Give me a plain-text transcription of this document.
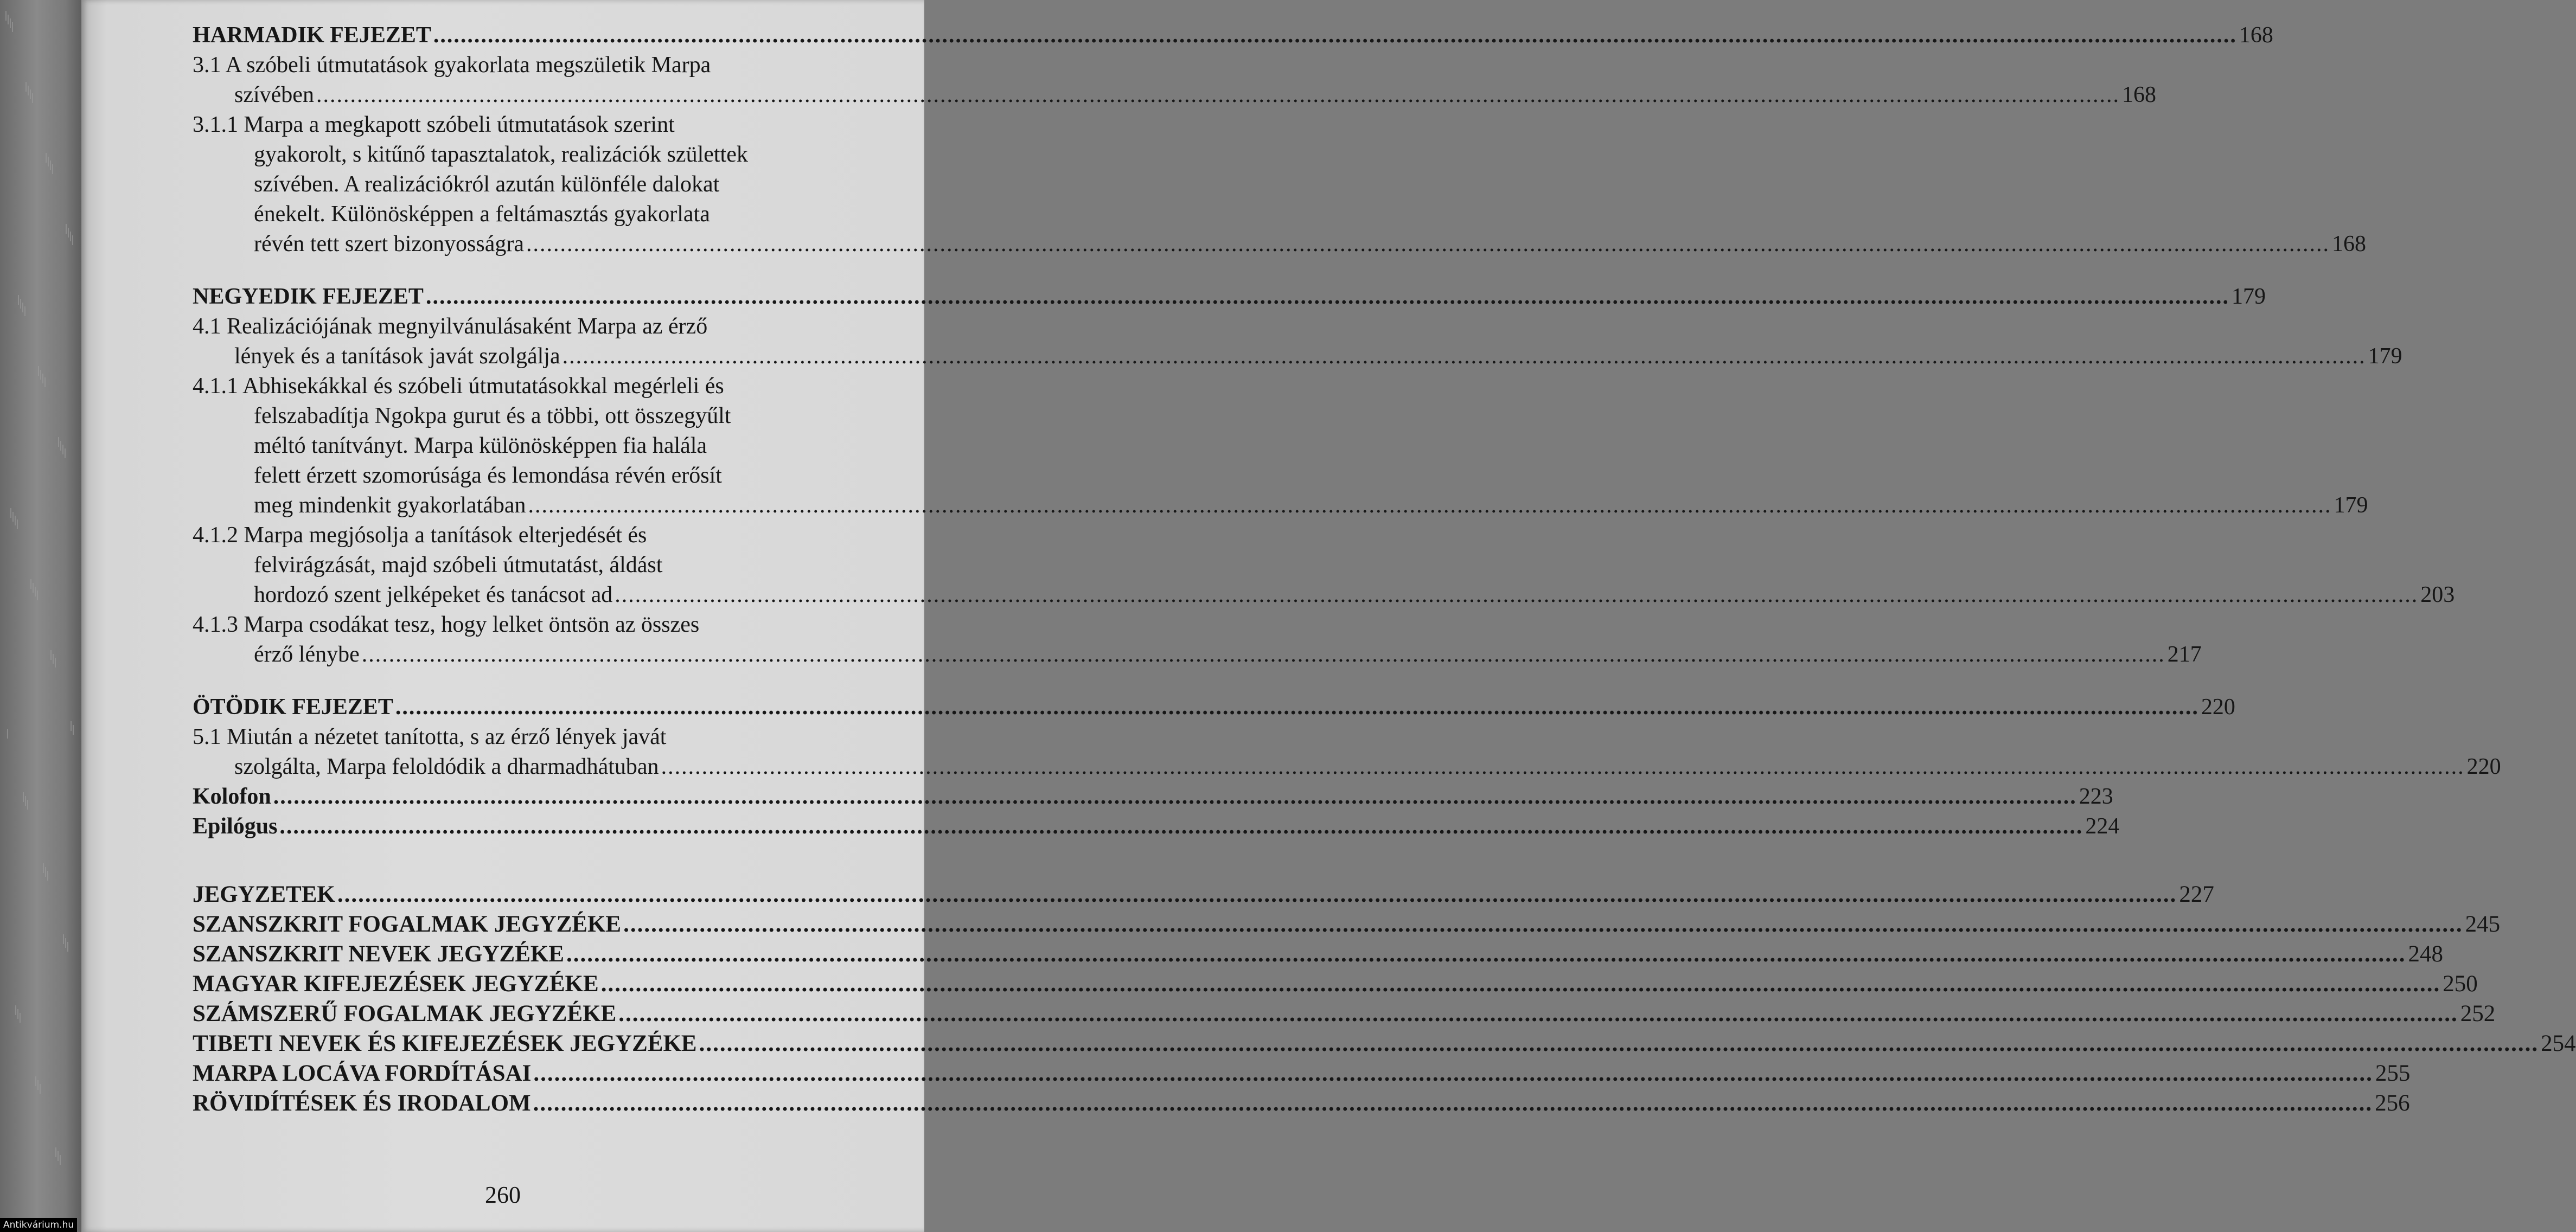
HARMADIK FEJEZET .....	168
3.1 A szóbeli útmutatások gyakorlata megszületik Marpa
szívében .....	168
3.1.1 Marpa a megkapott szóbeli útmutatások szerint
gyakorolt, s kitűnő tapasztalatok, realizációk születtek
szívében. A realizációkról azután különféle dalokat
énekelt. Különösképpen a feltámasztás gyakorlata
révén tett szert bizonyosságra .....	168
NEGYEDIK FEJEZET .....	179
4.1 Realizációjának megnyilvánulásaként Marpa az érző
lények és a tanítások javát szolgálja .....	179
4.1.1 Abhisekákkal és szóbeli útmutatásokkal megérleli és
felszabadítja Ngokpa gurut és a többi, ott összegyűlt
méltó tanítványt. Marpa különösképpen fia halála
felett érzett szomorúsága és lemondása révén erősít
meg mindenkit gyakorlatában .....	179
4.1.2 Marpa megjósolja a tanítások elterjedését és
felvirágzását, majd szóbeli útmutatást, áldást
hordozó szent jelképeket és tanácsot ad .....	203
4.1.3 Marpa csodákat tesz, hogy lelket öntsön az összes
érző lénybe .....	217
ÖTÖDIK FEJEZET .....	220
5.1 Miután a nézetet tanította, s az érző lények javát
szolgálta, Marpa feloldódik a dharmadhátuban .....	220
Kolofon .....	223
Epilógus .....	224
JEGYZETEK .....	227
SZANSZKRIT FOGALMAK JEGYZÉKE .....	245
SZANSZKRIT NEVEK JEGYZÉKE .....	248
MAGYAR KIFEJEZÉSEK JEGYZÉKE .....	250
SZÁMSZERŰ FOGALMAK JEGYZÉKE .....	252
TIBETI NEVEK ÉS KIFEJEZÉSEK JEGYZÉKE .....	254
MARPA LOCÁVA FORDÍTÁSAI .....	255
RÖVIDÍTÉSEK ÉS IRODALOM .....	256
260
Antikvárium.hu
